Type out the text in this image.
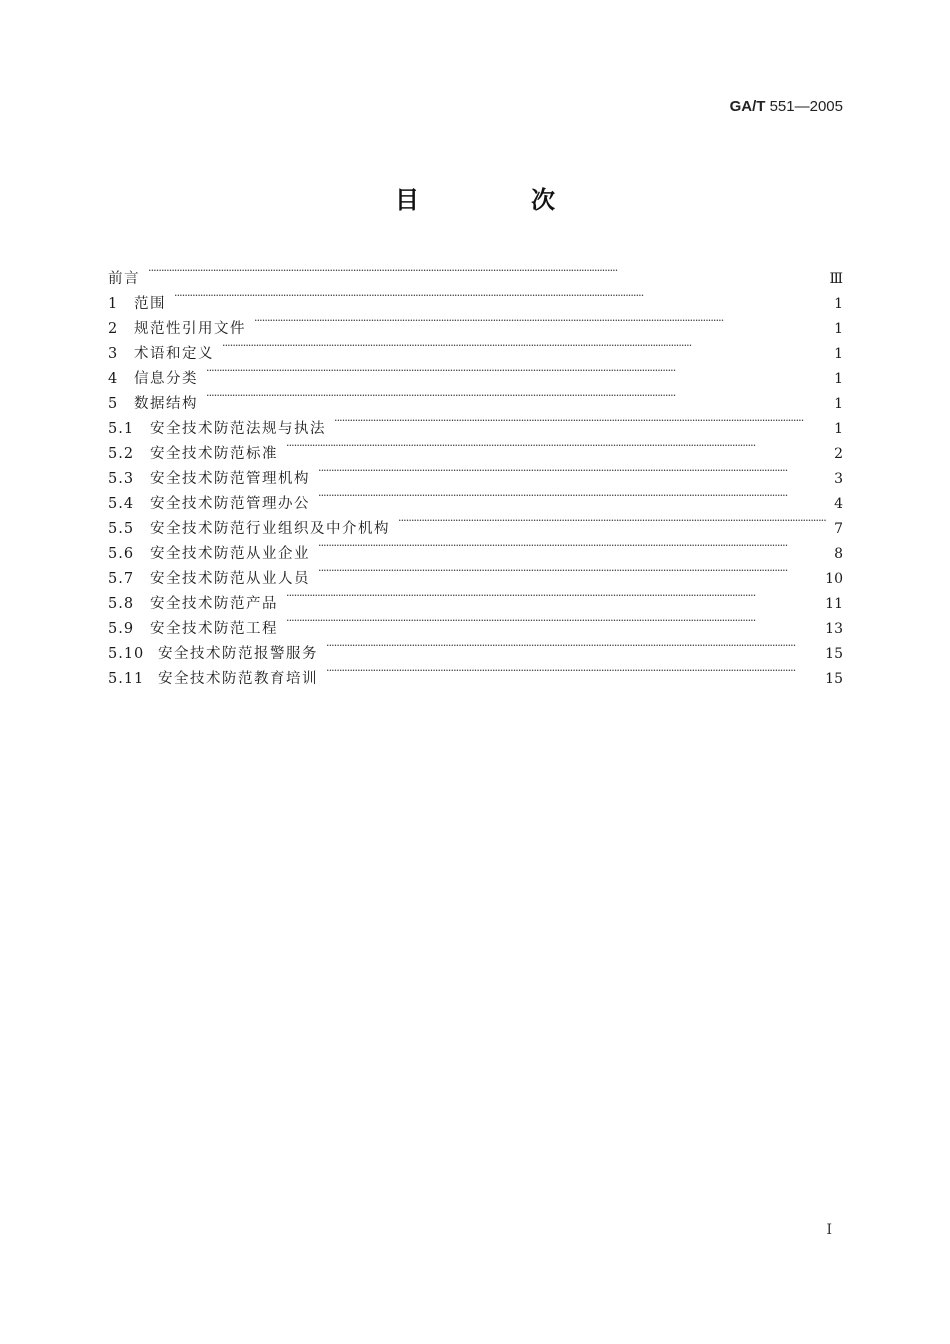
GA/T 551—2005
目　次
前言 · · ·	Ⅲ
1	范围 · · ·	1
2	规范性引用文件 · · ·	1
3	术语和定义 · · ·	1
4	信息分类 · · ·	1
5	数据结构 · · ·	1
5.1	安全技术防范法规与执法 · · ·	1
5.2	安全技术防范标准 · · ·	2
5.3	安全技术防范管理机构 · · ·	3
5.4	安全技术防范管理办公 · · ·	4
5.5	安全技术防范行业组织及中介机构 · · ·	7
5.6	安全技术防范从业企业 · · ·	8
5.7	安全技术防范从业人员 · · ·	10
5.8	安全技术防范产品 · · ·	11
5.9	安全技术防范工程 · · ·	13
5.10 安全技术防范报警服务 · · ·	15
5.11 安全技术防范教育培训 · · ·	15
Ⅰ
